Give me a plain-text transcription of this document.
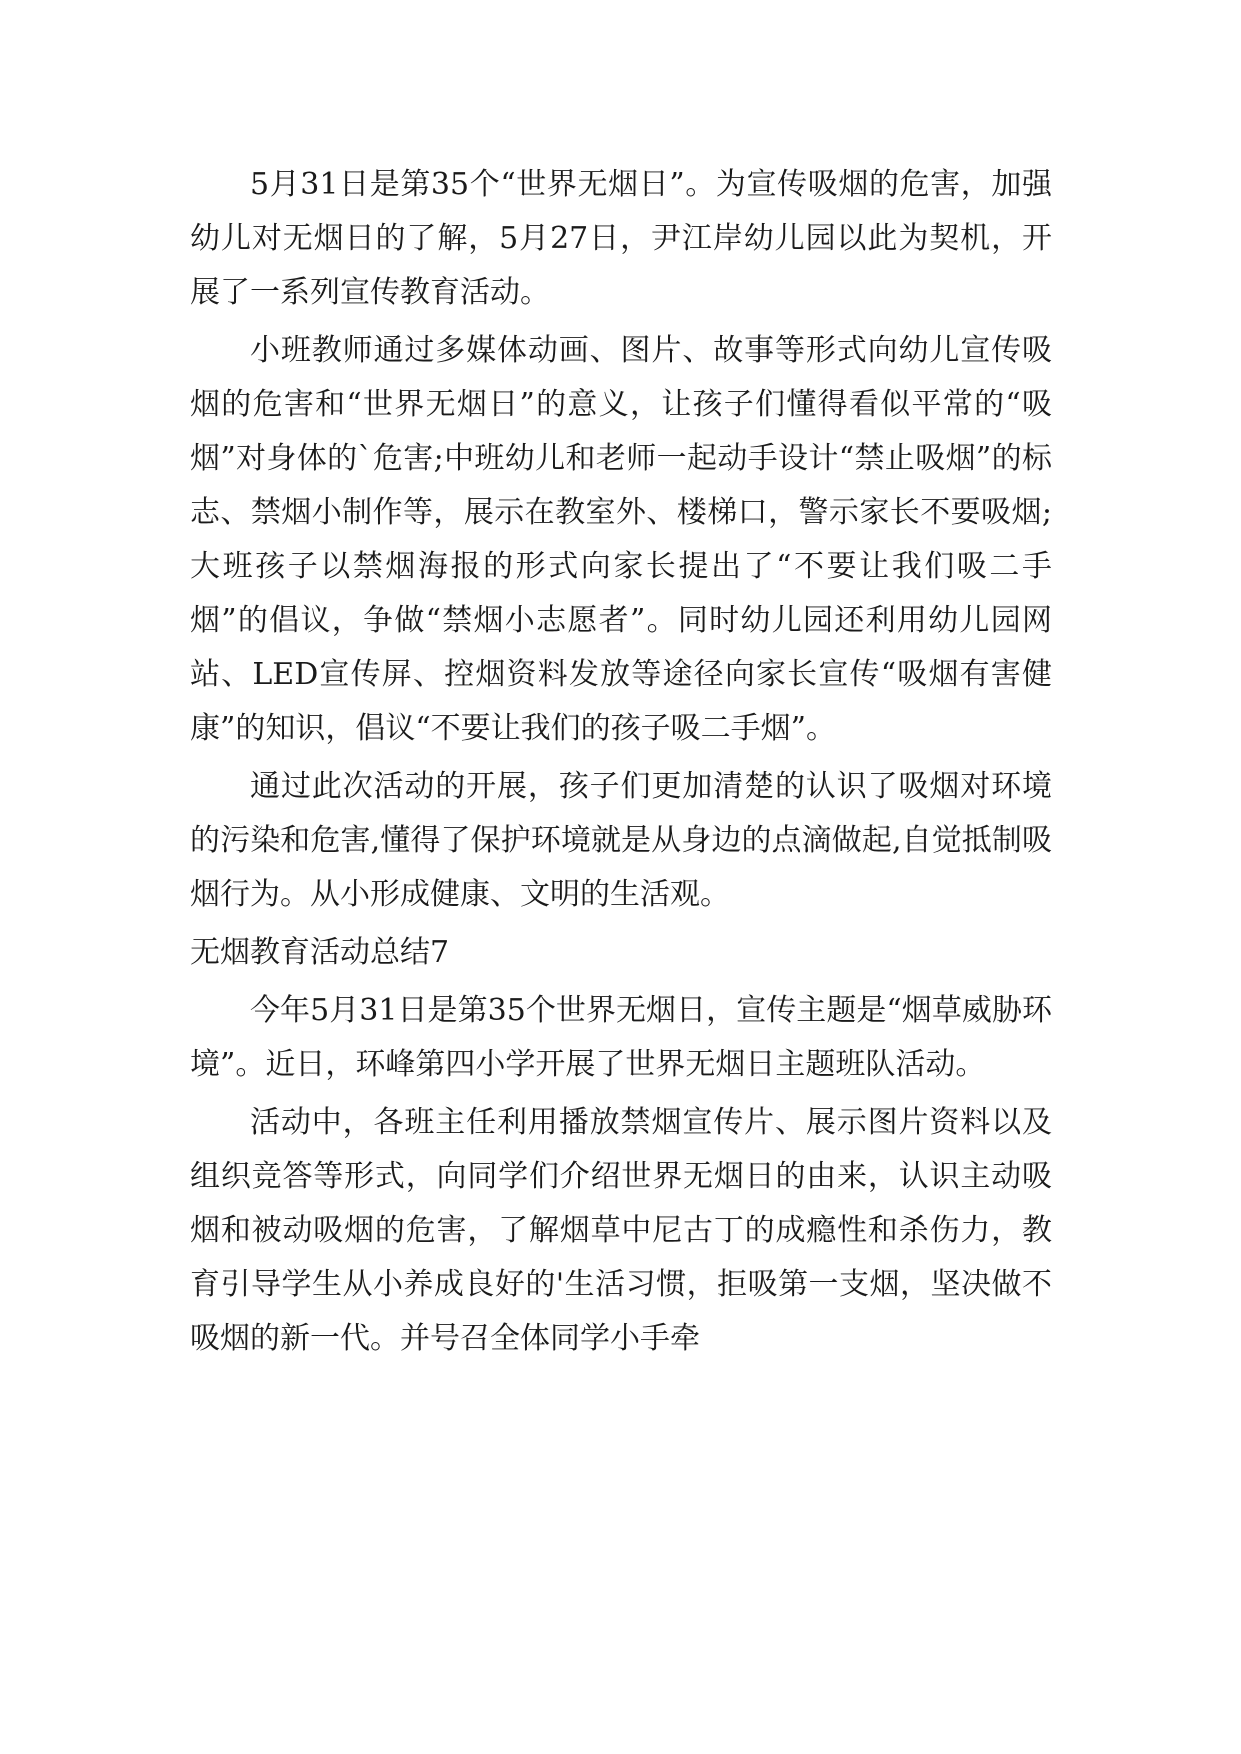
5月31日是第35个“世界无烟日”。为宣传吸烟的危害，加强幼儿对无烟日的了解，5月27日，尹江岸幼儿园以此为契机，开展了一系列宣传教育活动。

小班教师通过多媒体动画、图片、故事等形式向幼儿宣传吸烟的危害和“世界无烟日”的意义，让孩子们懂得看似平常的“吸烟”对身体的`危害;中班幼儿和老师一起动手设计“禁止吸烟”的标志、禁烟小制作等，展示在教室外、楼梯口，警示家长不要吸烟;大班孩子以禁烟海报的形式向家长提出了“不要让我们吸二手烟”的倡议，争做“禁烟小志愿者”。同时幼儿园还利用幼儿园网站、LED宣传屏、控烟资料发放等途径向家长宣传“吸烟有害健康”的知识，倡议“不要让我们的孩子吸二手烟”。

通过此次活动的开展，孩子们更加清楚的认识了吸烟对环境的污染和危害,懂得了保护环境就是从身边的点滴做起,自觉抵制吸烟行为。从小形成健康、文明的生活观。

无烟教育活动总结7

今年5月31日是第35个世界无烟日，宣传主题是“烟草威胁环境”。近日，环峰第四小学开展了世界无烟日主题班队活动。

活动中，各班主任利用播放禁烟宣传片、展示图片资料以及组织竞答等形式，向同学们介绍世界无烟日的由来，认识主动吸烟和被动吸烟的危害，了解烟草中尼古丁的成瘾性和杀伤力，教育引导学生从小养成良好的'生活习惯，拒吸第一支烟，坚决做不吸烟的新一代。并号召全体同学小手牵
